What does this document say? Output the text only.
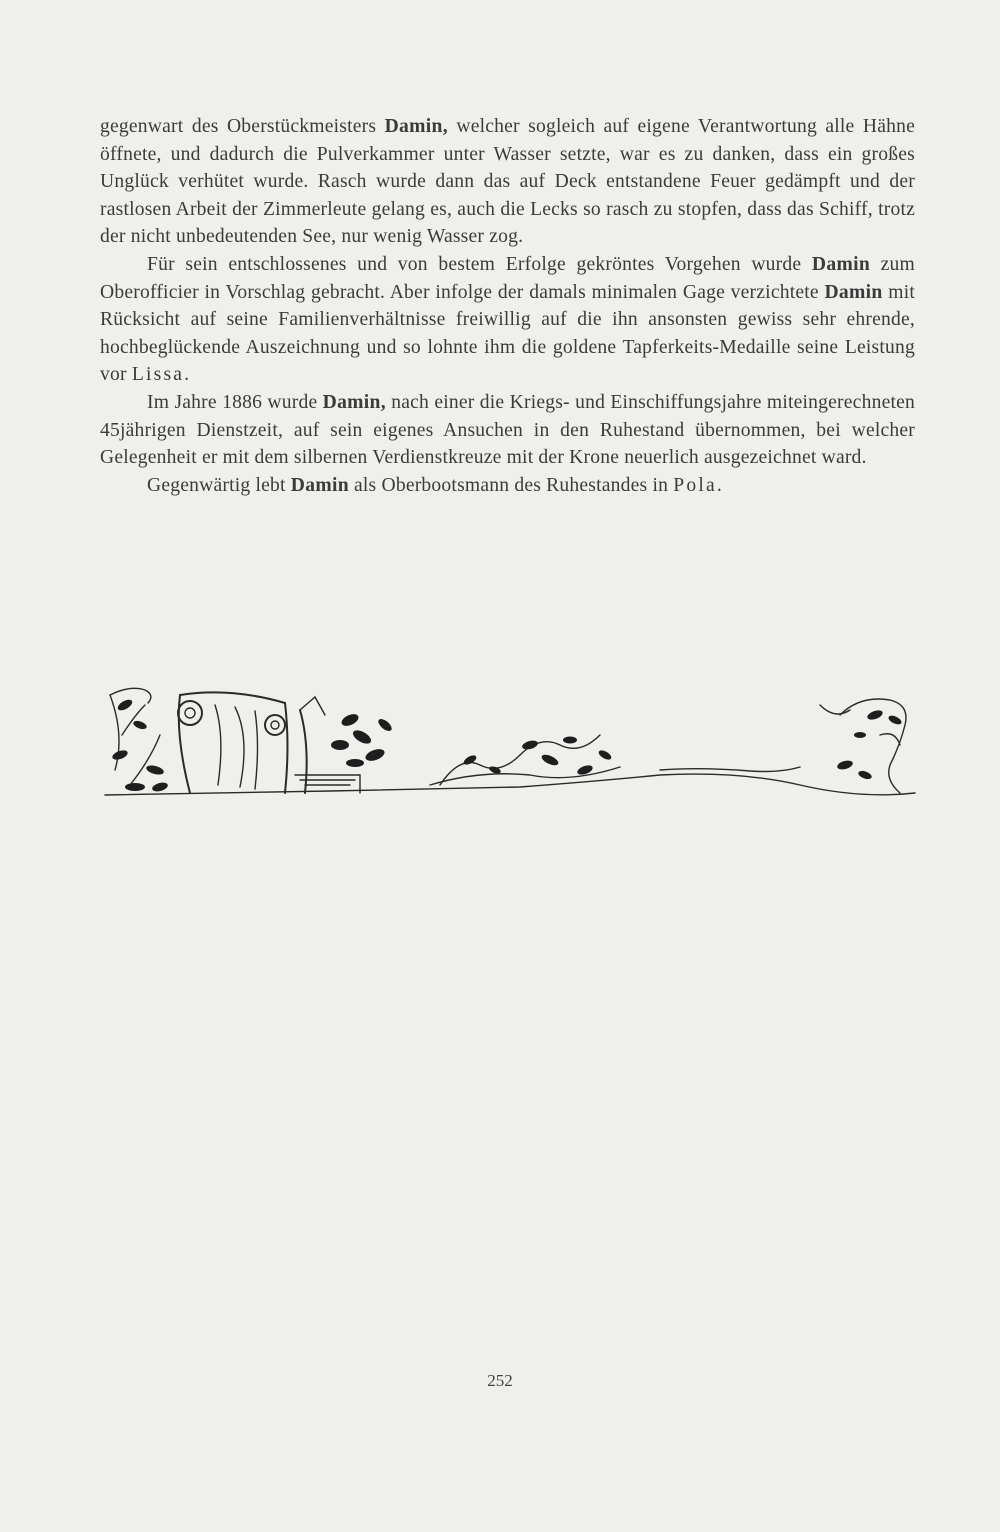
gegenwart des Oberstückmeisters Damin, welcher sogleich auf eigene Verantwortung alle Hähne öffnete, und dadurch die Pulverkammer unter Wasser setzte, war es zu danken, dass ein großes Unglück verhütet wurde. Rasch wurde dann das auf Deck entstandene Feuer gedämpft und der rastlosen Arbeit der Zimmerleute gelang es, auch die Lecks so rasch zu stopfen, dass das Schiff, trotz der nicht unbedeutenden See, nur wenig Wasser zog.

Für sein entschlossenes und von bestem Erfolge gekröntes Vorgehen wurde Damin zum Oberofficier in Vorschlag gebracht. Aber infolge der damals minimalen Gage verzichtete Damin mit Rücksicht auf seine Familienverhältnisse freiwillig auf die ihn ansonsten gewiss sehr ehrende, hochbeglückende Auszeichnung und so lohnte ihm die goldene Tapferkeits-Medaille seine Leistung vor Lissa.

Im Jahre 1886 wurde Damin, nach einer die Kriegs- und Einschiffungsjahre miteingerechneten 45jährigen Dienstzeit, auf sein eigenes Ansuchen in den Ruhestand übernommen, bei welcher Gelegenheit er mit dem silbernen Verdienstkreuze mit der Krone neuerlich ausgezeichnet ward.

Gegenwärtig lebt Damin als Oberbootsmann des Ruhestandes in Pola.

252
